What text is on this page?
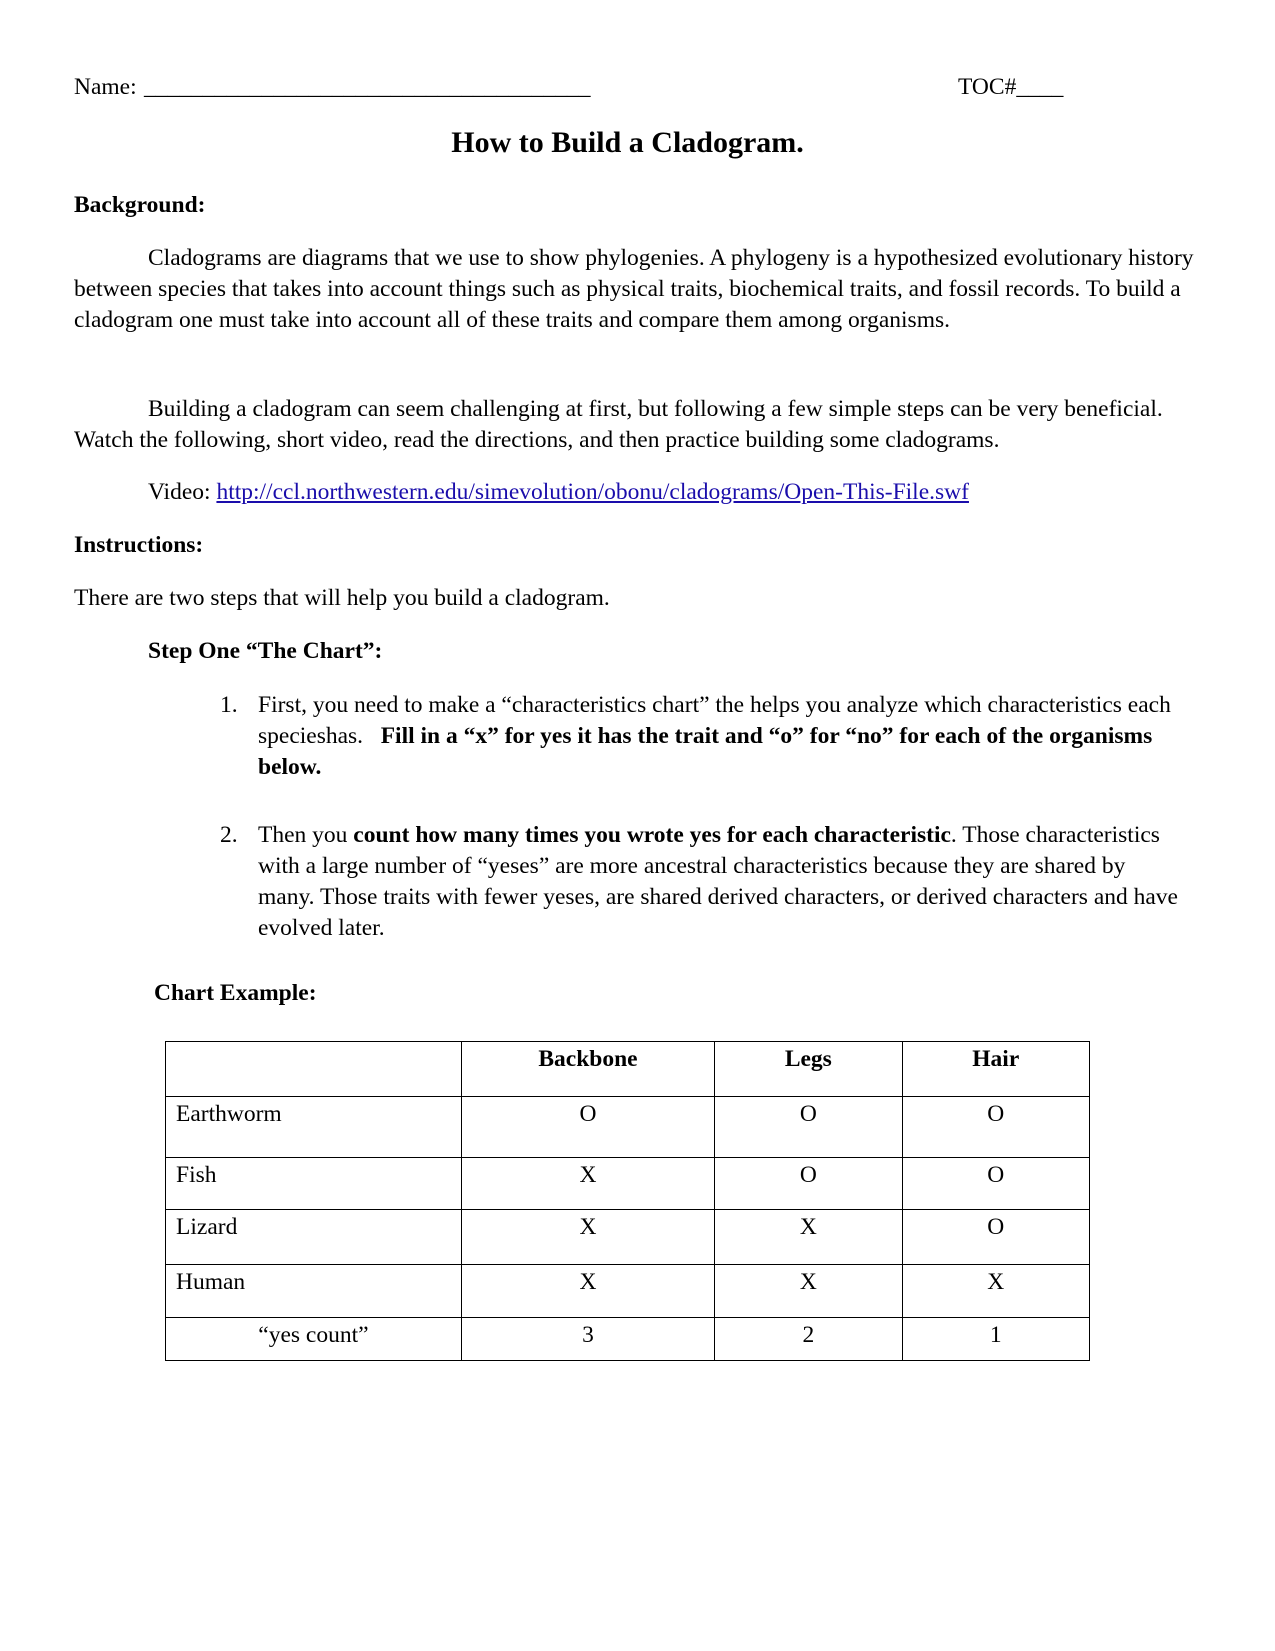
Name: ______________________________________	TOC#____
How to Build a Cladogram.
Background:

Cladograms are diagrams that we use to show phylogenies. A phylogeny is a hypothesized evolutionary history between species that takes into account things such as physical traits, biochemical traits, and fossil records. To build a cladogram one must take into account all of these traits and compare them among organisms.

Building a cladogram can seem challenging at first, but following a few simple steps can be very beneficial. Watch the following, short video, read the directions, and then practice building some cladograms.

Video: http://ccl.northwestern.edu/simevolution/obonu/cladograms/Open-This-File.swf
Instructions:
There are two steps that will help you build a cladogram.
Step One “The Chart”:
1. First, you need to make a “characteristics chart” the helps you analyze which characteristics each specieshas. Fill in a “x” for yes it has the trait and “o” for “no” for each of the organisms below.
2. Then you count how many times you wrote yes for each characteristic. Those characteristics with a large number of “yeses” are more ancestral characteristics because they are shared by many. Those traits with fewer yeses, are shared derived characters, or derived characters and have evolved later.
Chart Example:
	Backbone	Legs	Hair
Earthworm	O	O	O
Fish	X	O	O
Lizard	X	X	O
Human	X	X	X
“yes count”	3	2	1
